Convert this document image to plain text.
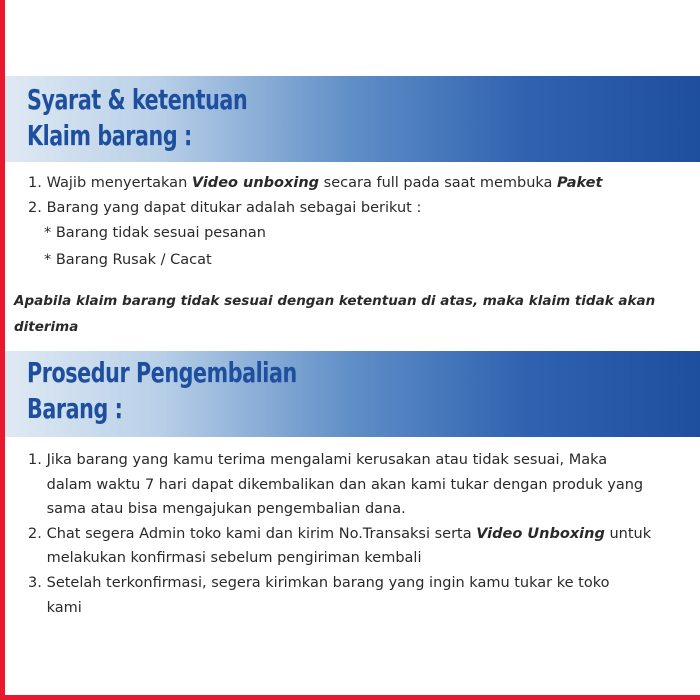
Syarat & ketentuan
Klaim barang :
1. Wajib menyertakan Video unboxing secara full pada saat membuka Paket
2. Barang yang dapat ditukar adalah sebagai berikut :
* Barang tidak sesuai pesanan
* Barang Rusak / Cacat
Apabila klaim barang tidak sesuai dengan ketentuan di atas, maka klaim tidak akan
diterima
Prosedur Pengembalian
Barang :
1. Jika barang yang kamu terima mengalami kerusakan atau tidak sesuai, Maka
dalam waktu 7 hari dapat dikembalikan dan akan kami tukar dengan produk yang
sama atau bisa mengajukan pengembalian dana.
2. Chat segera Admin toko kami dan kirim No.Transaksi serta Video Unboxing untuk
melakukan konfirmasi sebelum pengiriman kembali
3. Setelah terkonfirmasi, segera kirimkan barang yang ingin kamu tukar ke toko
kami
